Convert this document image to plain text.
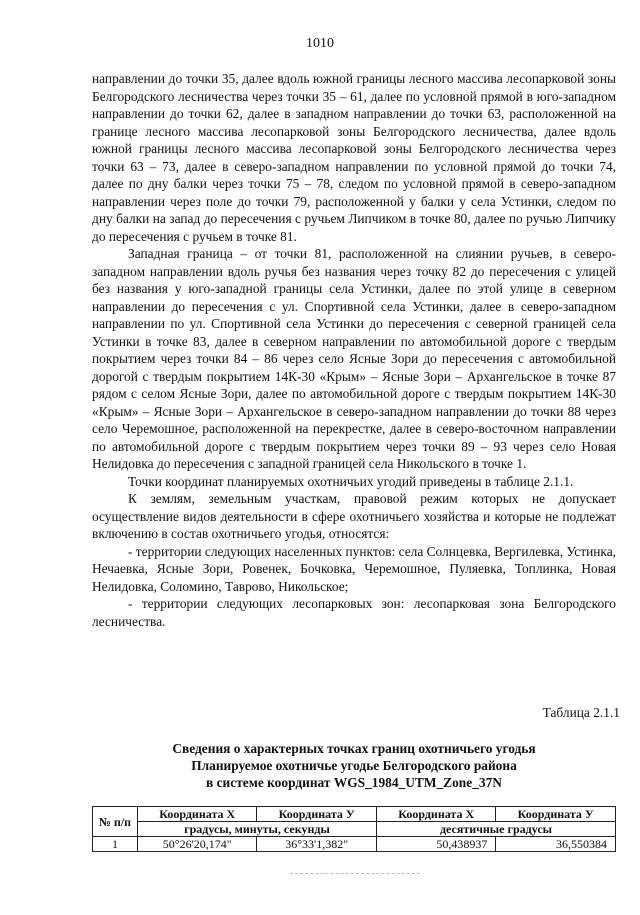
1010

направлении до точки 35, далее вдоль южной границы лесного массива лесопарковой зоны Белгородского лесничества через точки 35 – 61, далее по условной прямой в юго-западном направлении до точки 62, далее в западном направлении до точки 63, расположенной на границе лесного массива лесопарковой зоны Белгородского лесничества, далее вдоль южной границы лесного массива лесопарковой зоны Белгородского лесничества через точки 63 – 73, далее в северо-западном направлении по условной прямой до точки 74, далее по дну балки через точки 75 – 78, следом по условной прямой в северо-западном направлении через поле до точки 79, расположенной у балки у села Устинки, следом по дну балки на запад до пересечения с ручьем Липчиком в точке 80, далее по ручью Липчику до пересечения с ручьем в точке 81.

Западная граница – от точки 81, расположенной на слиянии ручьев, в северо-западном направлении вдоль ручья без названия через точку 82 до пересечения с улицей без названия у юго-западной границы села Устинки, далее по этой улице в северном направлении до пересечения с ул. Спортивной села Устинки, далее в северо-западном направлении по ул. Спортивной села Устинки до пересечения с северной границей села Устинки в точке 83, далее в северном направлении по автомобильной дороге с твердым покрытием через точки 84 – 86 через село Ясные Зори до пересечения с автомобильной дорогой с твердым покрытием 14К-30 «Крым» – Ясные Зори – Архангельское в точке 87 рядом с селом Ясные Зори, далее по автомобильной дороге с твердым покрытием 14К-30 «Крым» – Ясные Зори – Архангельское в северо-западном направлении до точки 88 через село Черемошное, расположенной на перекрестке, далее в северо-восточном направлении по автомобильной дороге с твердым покрытием через точки 89 – 93 через село Новая Нелидовка до пересечения с западной границей села Никольского в точке 1.

Точки координат планируемых охотничьих угодий приведены в таблице 2.1.1.

К землям, земельным участкам, правовой режим которых не допускает осуществление видов деятельности в сфере охотничьего хозяйства и которые не подлежат включению в состав охотничьего угодья, относятся:

- территории следующих населенных пунктов: села Солнцевка, Вергилевка, Устинка, Нечаевка, Ясные Зори, Ровенек, Бочковка, Черемошное, Пуляевка, Топлинка, Новая Нелидовка, Соломино, Таврово, Никольское;

- территории следующих лесопарковых зон: лесопарковая зона Белгородского лесничества.

Таблица 2.1.1
Сведения о характерных точках границ охотничьего угодья
Планируемое охотничье угодье Белгородского района
в системе координат WGS_1984_UTM_Zone_37N
№ п/п	Координата Х	Координата У	Координата Х	Координата У
	градусы, минуты, секунды		десятичные градусы	
1	50°26'20,174"	36°33'1,382"	50,438937	36,550384
